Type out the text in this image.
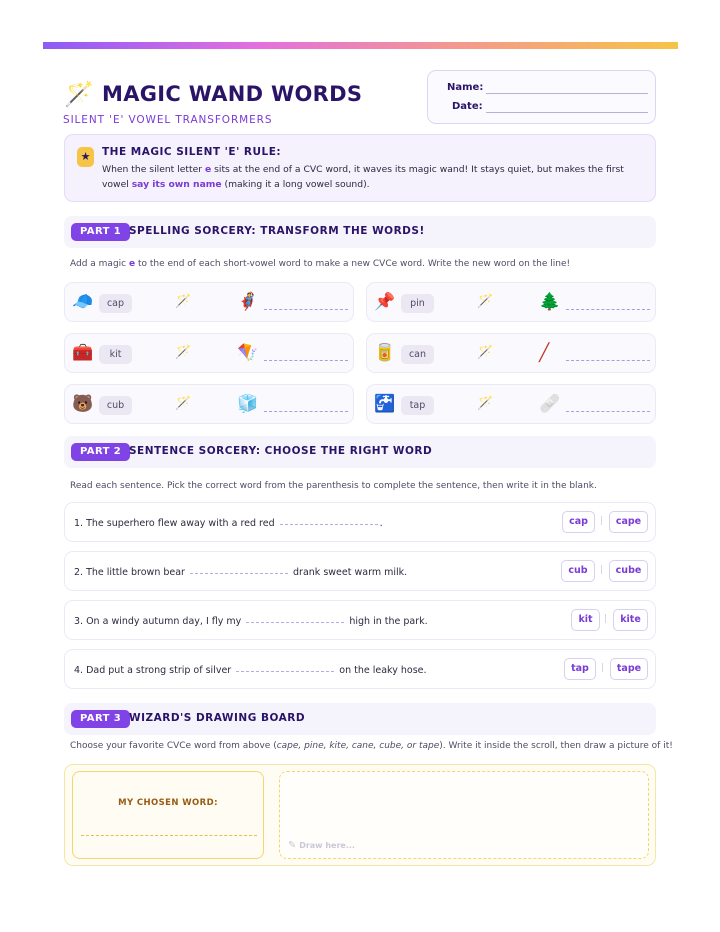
🪄 MAGIC WAND WORDS
SILENT 'E' VOWEL TRANSFORMERS
Name:
Date:
★	THE MAGIC SILENT 'E' RULE:
When the silent letter e sits at the end of a CVC word, it waves its magic wand! It stays quiet, but makes the first vowel say its own name (making it a long vowel sound).
PART 1 SPELLING SORCERY: TRANSFORM THE WORDS!
Add a magic e to the end of each short-vowel word to make a new CVCe word. Write the new word on the line!
🧢	cap	🪄	🦸	📌	pin	🪄	🌲
🧰	kit	🪄	🪁	🥫	can	🪄	╱
🐻	cub	🪄	🧊	🚰	tap	🪄	🩹
PART 2 SENTENCE SORCERY: CHOOSE THE RIGHT WORD
Read each sentence. Pick the correct word from the parenthesis to complete the sentence, then write it in the blank.
1. The superhero flew away with a red red	.	cap	|	cape
2. The little brown bear	drank sweet warm milk.	cub	|	cube
3. On a windy autumn day, I fly my	high in the park.	kit	|	kite
4. Dad put a strong strip of silver	on the leaky hose.	tap	|	tape
PART 3 WIZARD'S DRAWING BOARD
Choose your favorite CVCe word from above (cape, pine, kite, cane, cube, or tape). Write it inside the scroll, then draw a picture of it!
MY CHOSEN WORD:
✎ Draw here...
